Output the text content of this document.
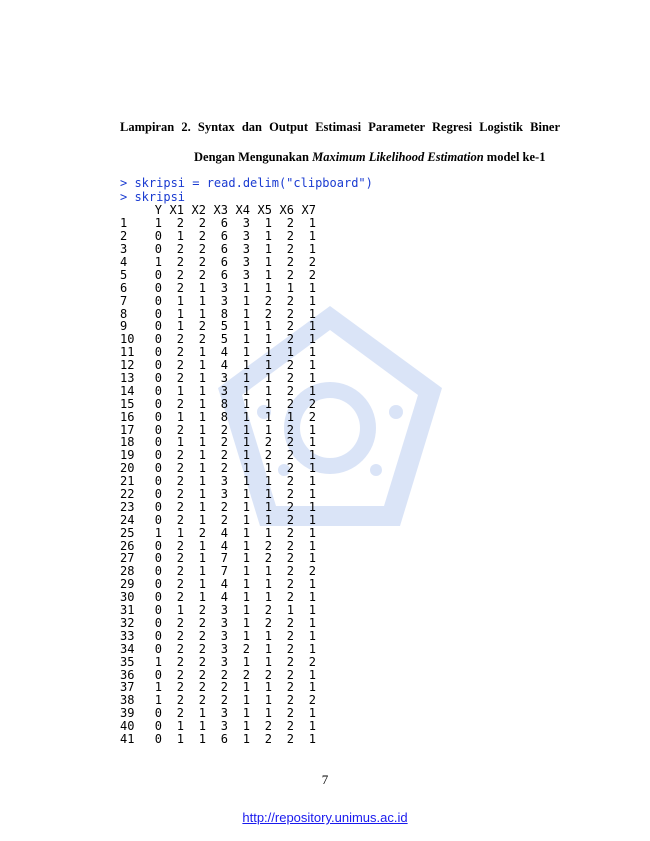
Lampiran 2. Syntax dan Output Estimasi Parameter Regresi Logistik Biner
Dengan Mengunakan Maximum Likelihood Estimation model ke-1
> skripsi = read.delim("clipboard")
> skripsi
	Y	X1	X2	X3	X4	X5	X6	X7
1	1	2	2	6	3	1	2	1
2	0	1	2	6	3	1	2	1
3	0	2	2	6	3	1	2	1
4	1	2	2	6	3	1	2	2
5	0	2	2	6	3	1	2	2
6	0	2	1	3	1	1	1	1
7	0	1	1	3	1	2	2	1
8	0	1	1	8	1	2	2	1
9	0	1	2	5	1	1	2	1
10	0	2	2	5	1	1	2	1
11	0	2	1	4	1	1	1	1
12	0	2	1	4	1	1	2	1
13	0	2	1	3	1	1	2	1
14	0	1	1	3	1	1	2	1
15	0	2	1	8	1	1	2	2
16	0	1	1	8	1	1	1	2
17	0	2	1	2	1	1	2	1
18	0	1	1	2	1	2	2	1
19	0	2	1	2	1	2	2	1
20	0	2	1	2	1	1	2	1
21	0	2	1	3	1	1	2	1
22	0	2	1	3	1	1	2	1
23	0	2	1	2	1	1	2	1
24	0	2	1	2	1	1	2	1
25	1	1	2	4	1	1	2	1
26	0	2	1	4	1	2	2	1
27	0	2	1	7	1	2	2	1
28	0	2	1	7	1	1	2	2
29	0	2	1	4	1	1	2	1
30	0	2	1	4	1	1	2	1
31	0	1	2	3	1	2	1	1
32	0	2	2	3	1	2	2	1
33	0	2	2	3	1	1	2	1
34	0	2	2	3	2	1	2	1
35	1	2	2	3	1	1	2	2
36	0	2	2	2	2	2	2	1
37	1	2	2	2	1	1	2	1
38	1	2	2	2	1	1	2	2
39	0	2	1	3	1	1	2	1
40	0	1	1	3	1	2	2	1
41	0	1	1	6	1	2	2	1
7
http://repository.unimus.ac.id
